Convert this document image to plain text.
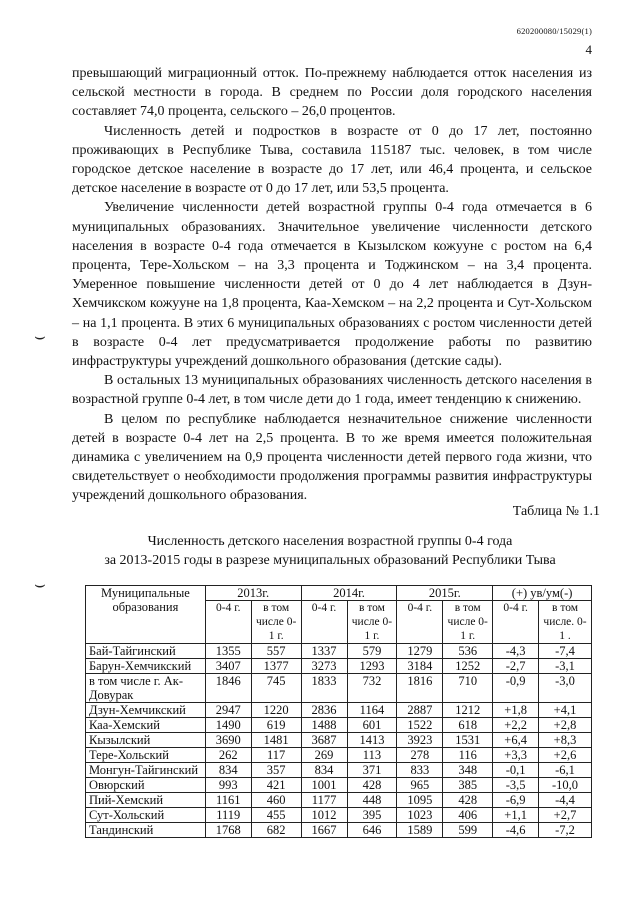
620200080/15029(1)
4

превышающий миграционный отток. По-прежнему наблюдается отток населения из сельской местности в города. В среднем по России доля городского населения составляет 74,0 процента, сельского – 26,0 процентов.

Численность детей и подростков в возрасте от 0 до 17 лет, постоянно проживающих в Республике Тыва, составила 115187 тыс. человек, в том числе городское детское население в возрасте до 17 лет, или 46,4 процента, и сельское детское население в возрасте от 0 до 17 лет, или 53,5 процента.

Увеличение численности детей возрастной группы 0-4 года отмечается в 6 муниципальных образованиях. Значительное увеличение численности детского населения в возрасте 0-4 года отмечается в Кызылском кожууне с ростом на 6,4 процента, Тере-Хольском – на 3,3 процента и Тоджинском – на 3,4 процента. Умеренное повышение численности детей от 0 до 4 лет наблюдается в Дзун-Хемчикском кожууне на 1,8 процента, Каа-Хемском – на 2,2 процента и Сут-Хольском – на 1,1 процента. В этих 6 муниципальных образованиях с ростом численности детей в возрасте 0-4 лет предусматривается продолжение работы по развитию инфраструктуры учреждений дошкольного образования (детские сады).

В остальных 13 муниципальных образованиях численность детского населения в возрастной группе 0-4 лет, в том числе дети до 1 года, имеет тенденцию к снижению.

В целом по республике наблюдается незначительное снижение численности детей в возрасте 0-4 лет на 2,5 процента. В то же время имеется положительная динамика с увеличением на 0,9 процента численности детей первого года жизни, что свидетельствует о необходимости продолжения программы развития инфраструктуры учреждений дошкольного образования.

⌣
⌣
Таблица № 1.1
Численность детского населения возрастной группы 0-4 года
за 2013-2015 годы в разрезе муниципальных образований Республики Тыва
Муниципальные образования	2013г.		2014г.		2015г.		(+) ув/ум(-)	
	0-4 г.	в том числе 0-1 г.	0-4 г.	в том числе 0-1 г.	0-4 г.	в том числе 0-1 г.	0-4 г.	в том числе. 0-1 .
Бай-Тайгинский	1355	557	1337	579	1279	536	-4,3	-7,4
Барун-Хемчикский	3407	1377	3273	1293	3184	1252	-2,7	-3,1
в том числе г. Ак-Довурак	1846	745	1833	732	1816	710	-0,9	-3,0
Дзун-Хемчикский	2947	1220	2836	1164	2887	1212	+1,8	+4,1
Каа-Хемский	1490	619	1488	601	1522	618	+2,2	+2,8
Кызылский	3690	1481	3687	1413	3923	1531	+6,4	+8,3
Тере-Хольский	262	117	269	113	278	116	+3,3	+2,6
Монгун-Тайгинский	834	357	834	371	833	348	-0,1	-6,1
Овюрский	993	421	1001	428	965	385	-3,5	-10,0
Пий-Хемский	1161	460	1177	448	1095	428	-6,9	-4,4
Сут-Хольский	1119	455	1012	395	1023	406	+1,1	+2,7
Тандинский	1768	682	1667	646	1589	599	-4,6	-7,2
